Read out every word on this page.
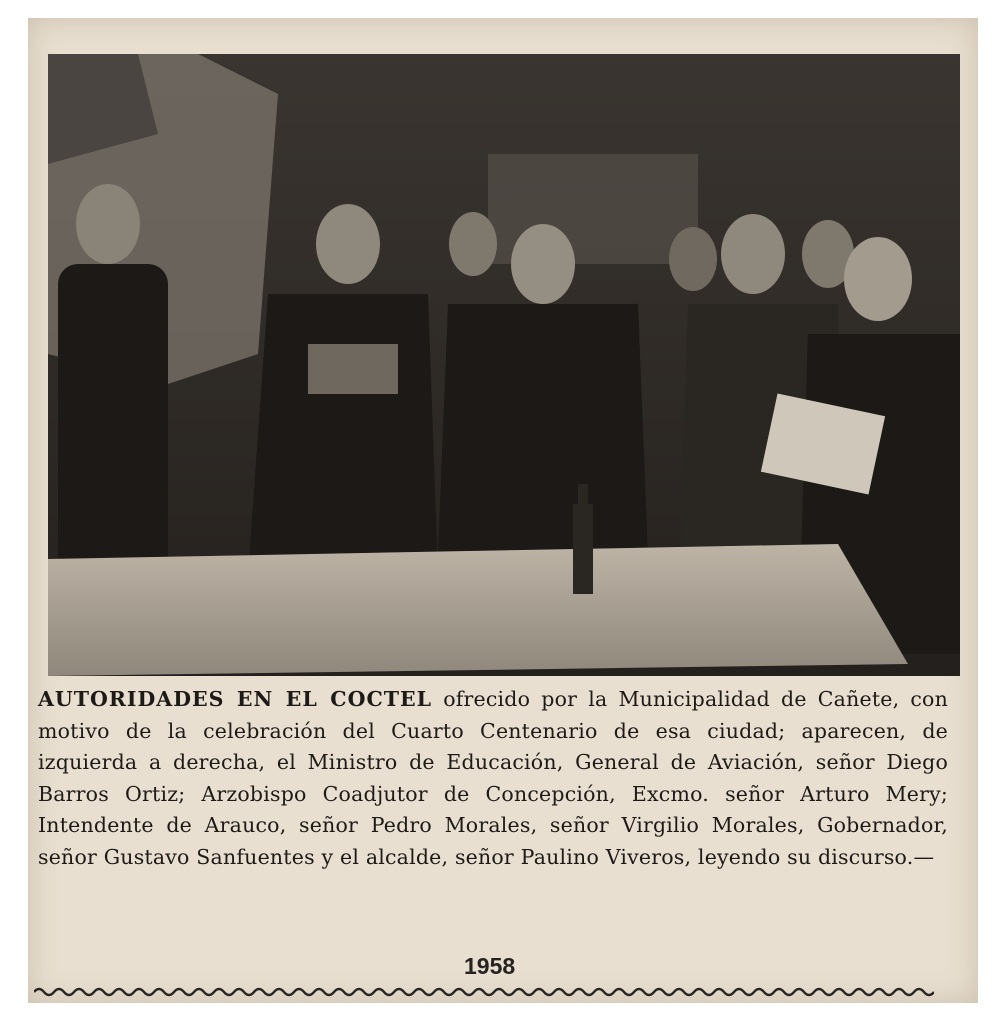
AUTORIDADES EN EL COCTEL ofrecido por la Municipalidad de Cañete, con motivo de la celebración del Cuarto Centenario de esa ciudad; aparecen, de izquierda a derecha, el Ministro de Educación, General de Aviación, señor Diego Barros Ortiz; Arzobispo Coadjutor de Concepción, Excmo. señor Arturo Mery; Intendente de Arauco, señor Pedro Morales, señor Virgilio Morales, Gobernador, señor Gustavo Sanfuentes y el alcalde, señor Paulino Viveros, leyendo su discurso.—
1958
